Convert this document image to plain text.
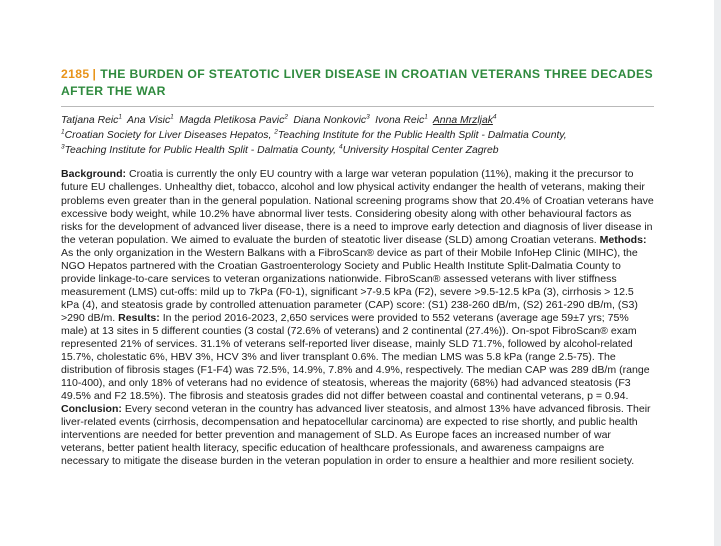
2185 | THE BURDEN OF STEATOTIC LIVER DISEASE IN CROATIAN VETERANS THREE DECADES AFTER THE WAR
Tatjana Reic$^1$ Ana Visic$^1$ Magda Pletikosa Pavic$^2$ Diana Nonkovic$^3$ Ivona Reic$^1$ Anna Mrzljak$^4$
$^1$Croatian Society for Liver Diseases Hepatos, $^2$Teaching Institute for the Public Health Split - Dalmatia County,
$^3$Teaching Institute for Public Health Split - Dalmatia County, $^4$University Hospital Center Zagreb

Background: Croatia is currently the only EU country with a large war veteran population (11%), making it the precursor to future EU challenges. Unhealthy diet, tobacco, alcohol and low physical activity endanger the health of veterans, making their problems even greater than in the general population. National screening programs show that 20.4% of Croatian veterans have excessive body weight, while 10.2% have abnormal liver tests. Considering obesity along with other behavioural factors as risks for the development of advanced liver disease, there is a need to improve early detection and diagnosis of liver disease in the veteran population. We aimed to evaluate the burden of steatotic liver disease (SLD) among Croatian veterans. Methods: As the only organization in the Western Balkans with a FibroScan® device as part of their Mobile InfoHep Clinic (MIHC), the NGO Hepatos partnered with the Croatian Gastroenterology Society and Public Health Institute Split-Dalmatia County to provide linkage-to-care services to veteran organizations nationwide. FibroScan® assessed veterans with liver stiffness measurement (LMS) cut-offs: mild up to 7kPa (F0-1), significant >7-9.5 kPa (F2), severe >9.5-12.5 kPa (3), cirrhosis > 12.5 kPa (4), and steatosis grade by controlled attenuation parameter (CAP) score: (S1) 238-260 dB/m, (S2) 261-290 dB/m, (S3) >290 dB/m. Results: In the period 2016-2023, 2,650 services were provided to 552 veterans (average age 59±7 yrs; 75% male) at 13 sites in 5 different counties (3 costal (72.6% of veterans) and 2 continental (27.4%)). On-spot FibroScan® exam represented 21% of services. 31.1% of veterans self-reported liver disease, mainly SLD 71.7%, followed by alcohol-related 15.7%, cholestatic 6%, HBV 3%, HCV 3% and liver transplant 0.6%. The median LMS was 5.8 kPa (range 2.5-75). The distribution of fibrosis stages (F1-F4) was 72.5%, 14.9%, 7.8% and 4.9%, respectively. The median CAP was 289 dB/m (range 110-400), and only 18% of veterans had no evidence of steatosis, whereas the majority (68%) had advanced steatosis (F3 49.5% and F2 18.5%). The fibrosis and steatosis grades did not differ between coastal and continental veterans, p = 0.94.

Conclusion: Every second veteran in the country has advanced liver steatosis, and almost 13% have advanced fibrosis. Their liver-related events (cirrhosis, decompensation and hepatocellular carcinoma) are expected to rise shortly, and public health interventions are needed for better prevention and management of SLD. As Europe faces an increased number of war veterans, better patient health literacy, specific education of healthcare professionals, and awareness campaigns are necessary to mitigate the disease burden in the veteran population in order to ensure a healthier and more resilient society.
